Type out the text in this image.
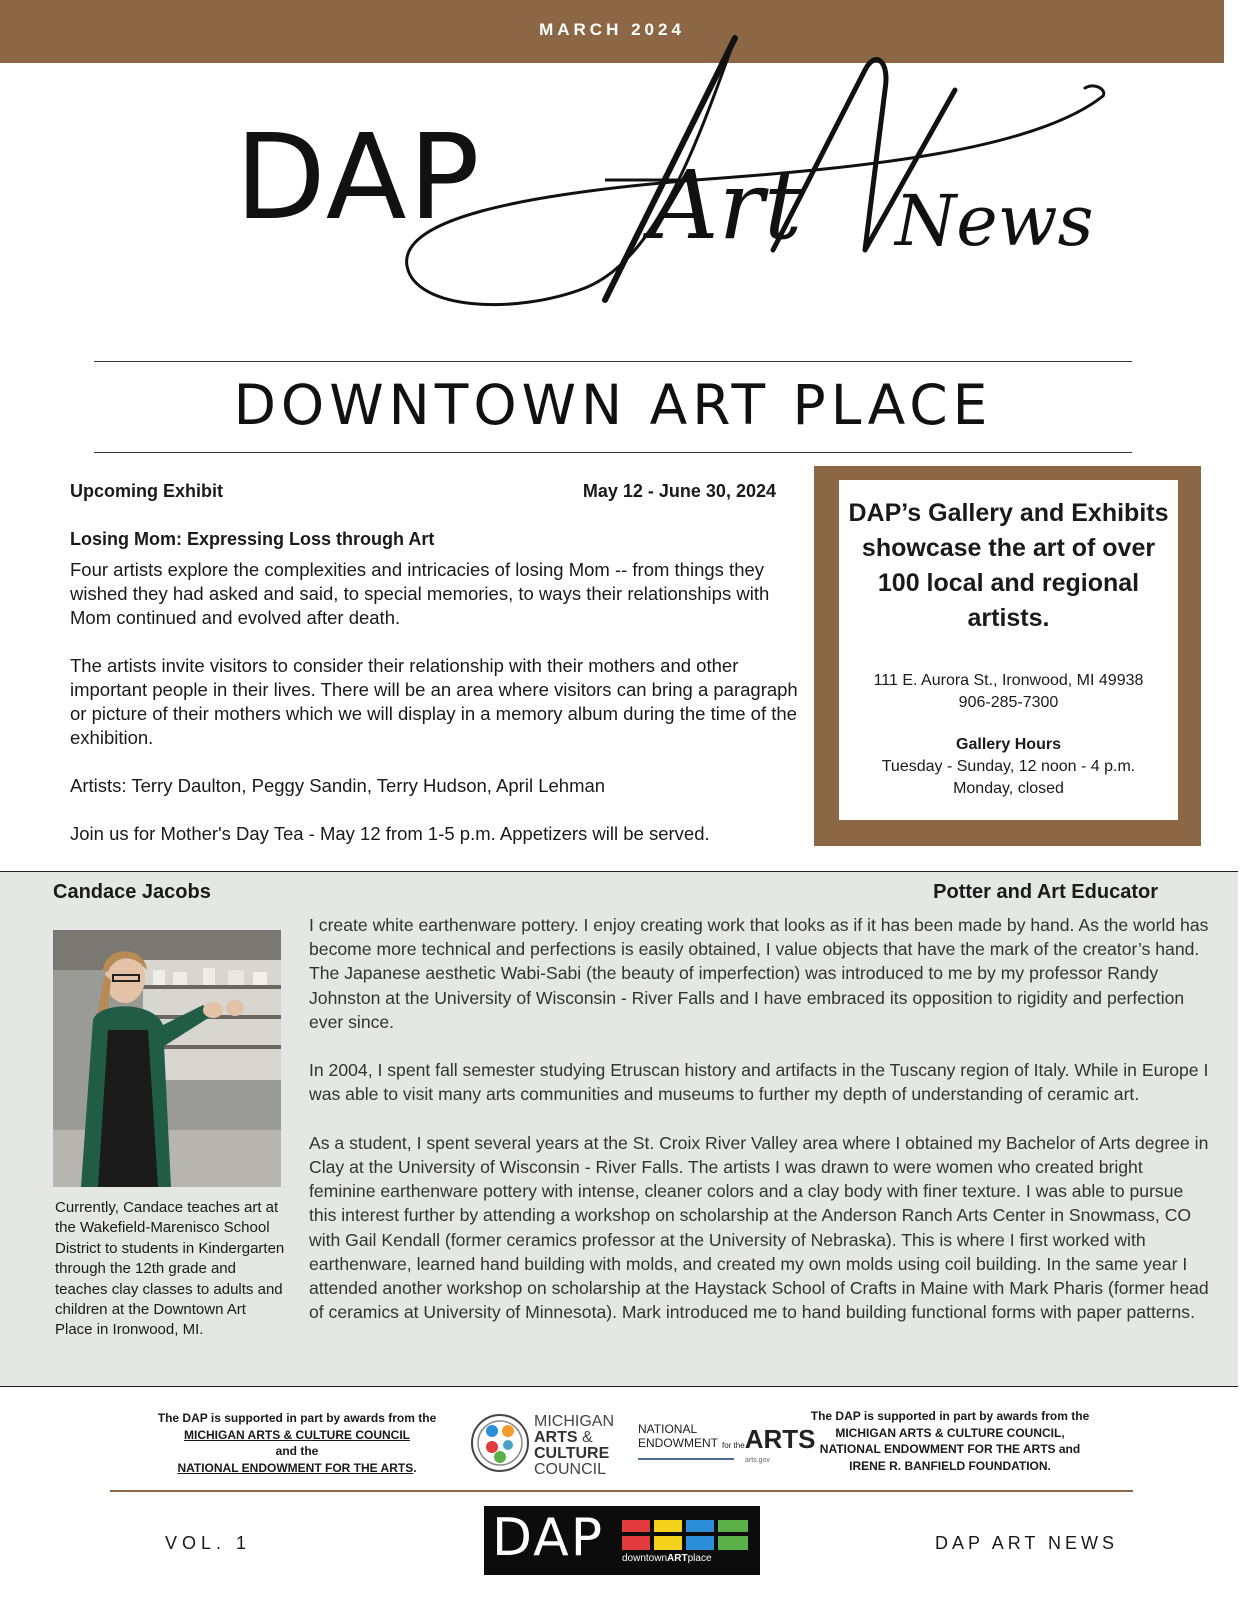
MARCH 2024
DAP Art News
DOWNTOWN ART PLACE
Upcoming Exhibit	May 12 - June 30, 2024
Losing Mom: Expressing Loss through Art

Four artists explore the complexities and intricacies of losing Mom -- from things they wished they had asked and said, to special memories, to ways their relationships with Mom continued and evolved after death.

The artists invite visitors to consider their relationship with their mothers and other important people in their lives. There will be an area where visitors can bring a paragraph or picture of their mothers which we will display in a memory album during the time of the exhibition.

Artists: Terry Daulton, Peggy Sandin, Terry Hudson, April Lehman

Join us for Mother's Day Tea - May 12 from 1-5 p.m. Appetizers will be served.

DAP’s Gallery and Exhibits showcase the art of over 100 local and regional artists.
111 E. Aurora St., Ironwood, MI 49938
906-285-7300
Gallery Hours
Tuesday - Sunday, 12 noon - 4 p.m.
Monday, closed
Candace Jacobs	Potter and Art Educator
Currently, Candace teaches art at the Wakefield-Marenisco School District to students in Kindergarten through the 12th grade and teaches clay classes to adults and children at the Downtown Art Place in Ironwood, MI.

I create white earthenware pottery. I enjoy creating work that looks as if it has been made by hand. As the world has become more technical and perfections is easily obtained, I value objects that have the mark of the creator’s hand. The Japanese aesthetic Wabi-Sabi (the beauty of imperfection) was introduced to me by my professor Randy Johnston at the University of Wisconsin - River Falls and I have embraced its opposition to rigidity and perfection ever since.

In 2004, I spent fall semester studying Etruscan history and artifacts in the Tuscany region of Italy. While in Europe I was able to visit many arts communities and museums to further my depth of understanding of ceramic art.

As a student, I spent several years at the St. Croix River Valley area where I obtained my Bachelor of Arts degree in Clay at the University of Wisconsin - River Falls. The artists I was drawn to were women who created bright feminine earthenware pottery with intense, cleaner colors and a clay body with finer texture. I was able to pursue this interest further by attending a workshop on scholarship at the Anderson Ranch Arts Center in Snowmass, CO with Gail Kendall (former ceramics professor at the University of Nebraska). This is where I first worked with earthenware, learned hand building with molds, and created my own molds using coil building. In the same year I attended another workshop on scholarship at the Haystack School of Crafts in Maine with Mark Pharis (former head of ceramics at University of Minnesota). Mark introduced me to hand building functional forms with paper patterns.

The DAP is supported in part by awards from the
MICHIGAN ARTS & CULTURE COUNCIL
and the
NATIONAL ENDOWMENT FOR THE ARTS.
MICHIGAN
ARTS &
CULTURE
COUNCIL
NATIONAL
ENDOWMENT for theARTS
arts.gov
The DAP is supported in part by awards from the
MICHIGAN ARTS & CULTURE COUNCIL,
NATIONAL ENDOWMENT FOR THE ARTS and
IRENE R. BANFIELD FOUNDATION.
VOL. 1	DAP downtownARTplace
DAP ART NEWS
